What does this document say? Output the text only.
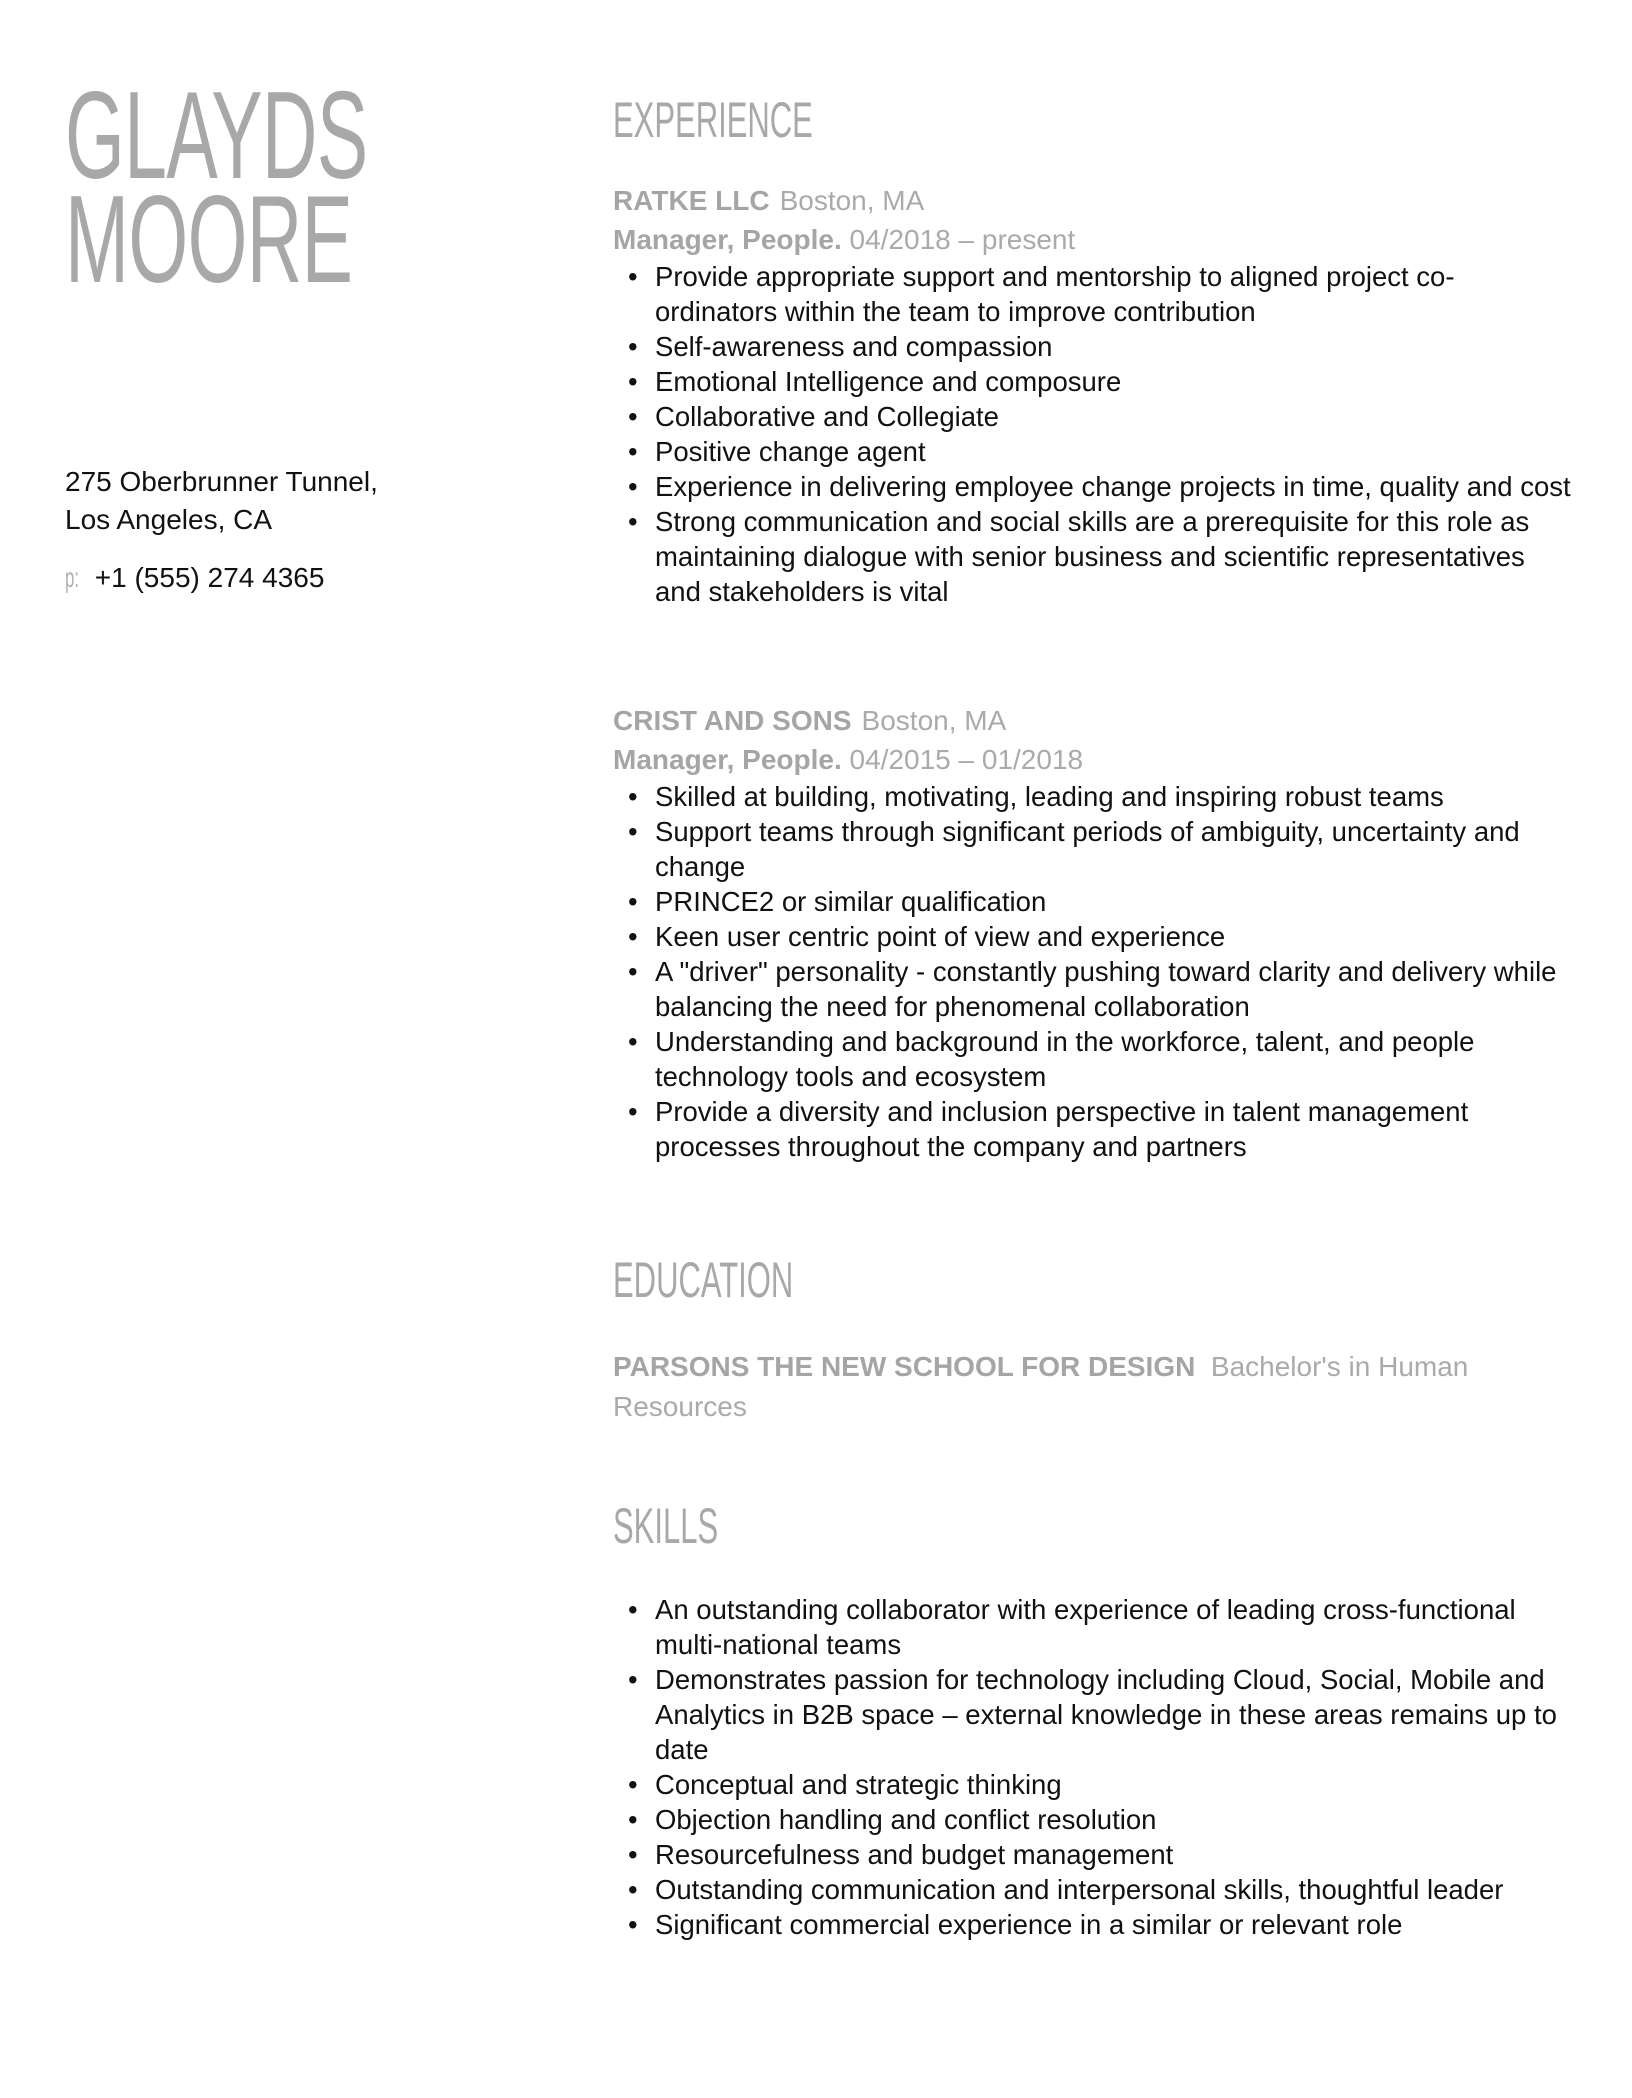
GLAYDS
MOORE
275 Oberbrunner Tunnel,
Los Angeles, CA
p: +1 (555) 274 4365
EXPERIENCE
RATKE LLC Boston, MA
Manager, People. 04/2018 – present
• Provide appropriate support and mentorship to aligned project co-ordinators within the team to improve contribution
• Self-awareness and compassion
• Emotional Intelligence and composure
• Collaborative and Collegiate
• Positive change agent
• Experience in delivering employee change projects in time, quality and cost
• Strong communication and social skills are a prerequisite for this role as maintaining dialogue with senior business and scientific representatives and stakeholders is vital
CRIST AND SONS Boston, MA
Manager, People. 04/2015 – 01/2018
• Skilled at building, motivating, leading and inspiring robust teams
• Support teams through significant periods of ambiguity, uncertainty and change
• PRINCE2 or similar qualification
• Keen user centric point of view and experience
• A "driver" personality - constantly pushing toward clarity and delivery while balancing the need for phenomenal collaboration
• Understanding and background in the workforce, talent, and people technology tools and ecosystem
• Provide a diversity and inclusion perspective in talent management processes throughout the company and partners
EDUCATION
PARSONS THE NEW SCHOOL FOR DESIGN Bachelor's in Human Resources
SKILLS
• An outstanding collaborator with experience of leading cross-functional multi-national teams
• Demonstrates passion for technology including Cloud, Social, Mobile and Analytics in B2B space – external knowledge in these areas remains up to date
• Conceptual and strategic thinking
• Objection handling and conflict resolution
• Resourcefulness and budget management
• Outstanding communication and interpersonal skills, thoughtful leader
• Significant commercial experience in a similar or relevant role
